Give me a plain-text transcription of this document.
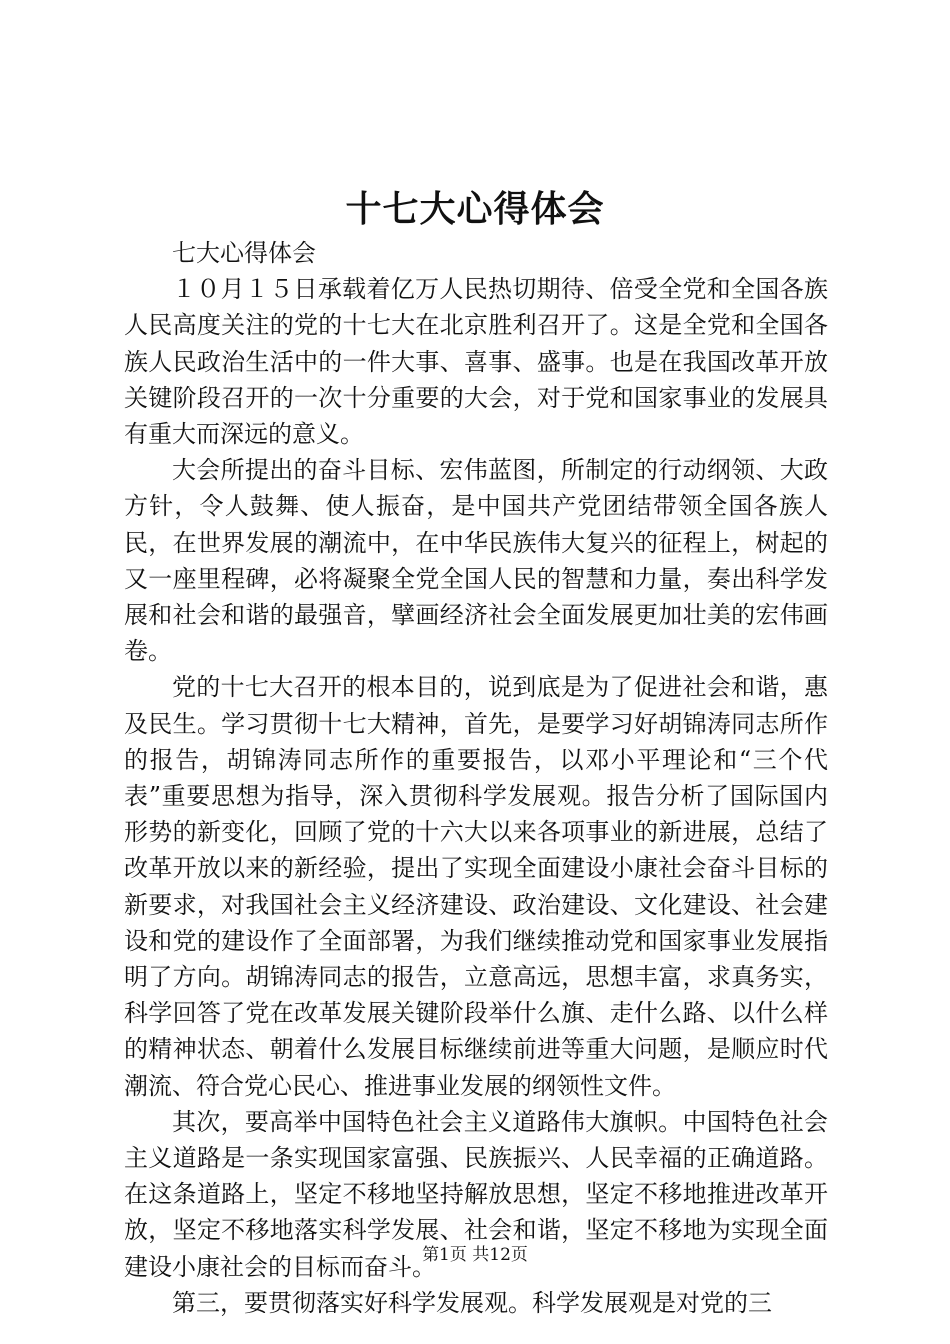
十七大心得体会

七大心得体会

１０月１５日承载着亿万人民热切期待、倍受全党和全国各族人民高度关注的党的十七大在北京胜利召开了。这是全党和全国各族人民政治生活中的一件大事、喜事、盛事。也是在我国改革开放关键阶段召开的一次十分重要的大会，对于党和国家事业的发展具有重大而深远的意义。

大会所提出的奋斗目标、宏伟蓝图，所制定的行动纲领、大政方针，令人鼓舞、使人振奋，是中国共产党团结带领全国各族人民，在世界发展的潮流中，在中华民族伟大复兴的征程上，树起的又一座里程碑，必将凝聚全党全国人民的智慧和力量，奏出科学发展和社会和谐的最强音，擘画经济社会全面发展更加壮美的宏伟画卷。

党的十七大召开的根本目的，说到底是为了促进社会和谐，惠及民生。学习贯彻十七大精神，首先，是要学习好胡锦涛同志所作的报告，胡锦涛同志所作的重要报告，以邓小平理论和“三个代表”重要思想为指导，深入贯彻科学发展观。报告分析了国际国内形势的新变化，回顾了党的十六大以来各项事业的新进展，总结了改革开放以来的新经验，提出了实现全面建设小康社会奋斗目标的新要求，对我国社会主义经济建设、政治建设、文化建设、社会建设和党的建设作了全面部署，为我们继续推动党和国家事业发展指明了方向。胡锦涛同志的报告，立意高远，思想丰富，求真务实，科学回答了党在改革发展关键阶段举什么旗、走什么路、以什么样的精神状态、朝着什么发展目标继续前进等重大问题，是顺应时代潮流、符合党心民心、推进事业发展的纲领性文件。

其次，要高举中国特色社会主义道路伟大旗帜。中国特色社会主义道路是一条实现国家富强、民族振兴、人民幸福的正确道路。在这条道路上，坚定不移地坚持解放思想，坚定不移地推进改革开放，坚定不移地落实科学发展、社会和谐，坚定不移地为实现全面建设小康社会的目标而奋斗。

第三，要贯彻落实好科学发展观。科学发展观是对党的三

第1页 共12页
